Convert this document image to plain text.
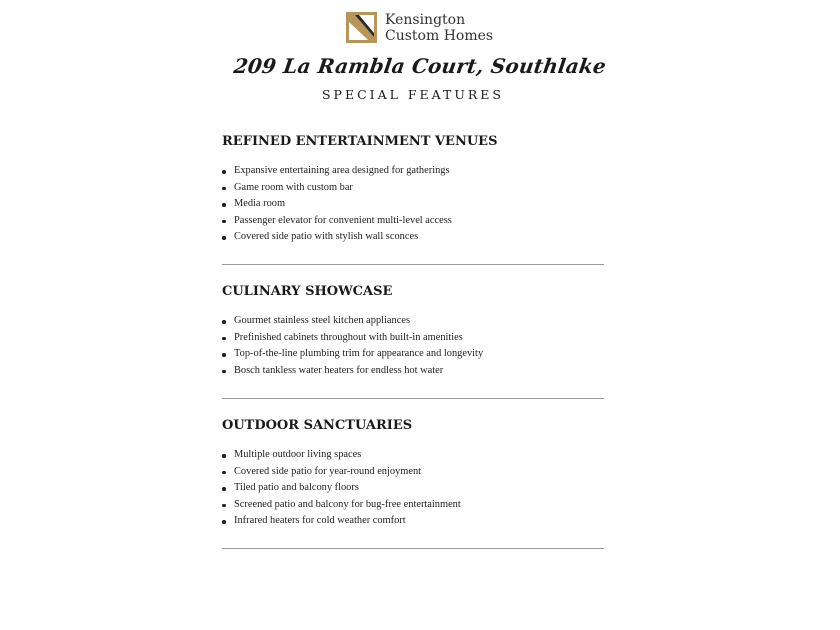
Kensington
Custom Homes
209 La Rambla Court, Southlake
SPECIAL FEATURES
REFINED ENTERTAINMENT VENUES
Expansive entertaining area designed for gatherings
Game room with custom bar
Media room
Passenger elevator for convenient multi-level access
Covered side patio with stylish wall sconces
CULINARY SHOWCASE
Gourmet stainless steel kitchen appliances
Prefinished cabinets throughout with built-in amenities
Top-of-the-line plumbing trim for appearance and longevity
Bosch tankless water heaters for endless hot water
OUTDOOR SANCTUARIES
Multiple outdoor living spaces
Covered side patio for year-round enjoyment
Tiled patio and balcony floors
Screened patio and balcony for bug-free entertainment
Infrared heaters for cold weather comfort
